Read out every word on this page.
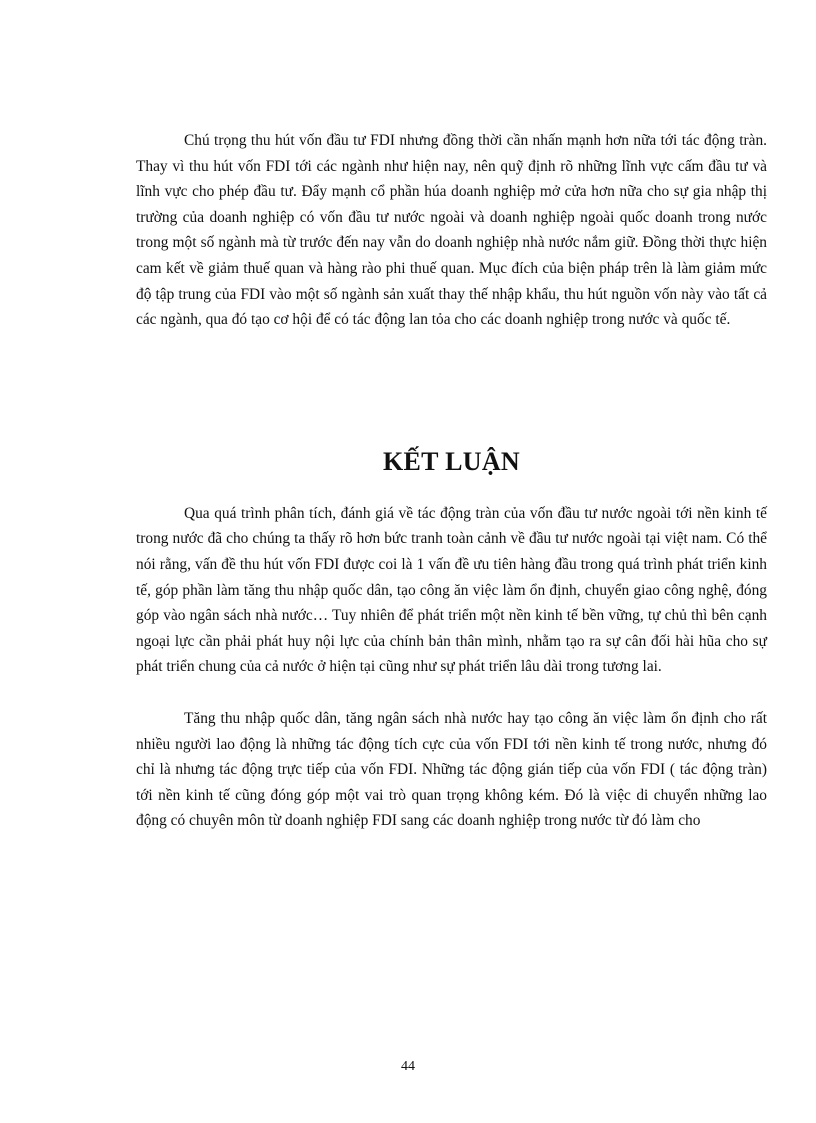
Chú trọng thu hút vốn đầu tư FDI nhưng đồng thời cần nhấn mạnh hơn nữa tới tác động tràn. Thay vì thu hút vốn FDI tới các ngành như hiện nay, nên quỹ định rõ những lĩnh vực cấm đầu tư và lĩnh vực cho phép đầu tư. Đẩy mạnh cổ phần húa doanh nghiệp mở cửa hơn nữa cho sự gia nhập thị trường của doanh nghiệp có vốn đầu tư nước ngoài và doanh nghiệp ngoài quốc doanh trong nước trong một số ngành mà từ trước đến nay vẫn do doanh nghiệp nhà nước nắm giữ. Đồng thời thực hiện cam kết về giảm thuế quan và hàng rào phi thuế quan. Mục đích của biện pháp trên là làm giảm mức độ tập trung của FDI vào một số ngành sản xuất thay thế nhập khẩu, thu hút nguồn vốn này vào tất cả các ngành, qua đó tạo cơ hội để có tác động lan tỏa cho các doanh nghiệp trong nước và quốc tế.

KẾT LUẬN

Qua quá trình phân tích, đánh giá về tác động tràn của vốn đầu tư nước ngoài tới nền kinh tế trong nước đã cho chúng ta thấy rõ hơn bức tranh toàn cảnh về đầu tư nước ngoài tại việt nam. Có thể nói rằng, vấn đề thu hút vốn FDI được coi là 1 vấn đề ưu tiên hàng đầu trong quá trình phát triển kinh tế, góp phần làm tăng thu nhập quốc dân, tạo công ăn việc làm ổn định, chuyển giao công nghệ, đóng góp vào ngân sách nhà nước… Tuy nhiên để phát triển một nền kinh tế bền vững, tự chủ thì bên cạnh ngoại lực cần phải phát huy nội lực của chính bản thân mình, nhằm tạo ra sự cân đối hài hũa cho sự phát triển chung của cả nước ở hiện tại cũng như sự phát triển lâu dài trong tương lai.

Tăng thu nhập quốc dân, tăng ngân sách nhà nước hay tạo công ăn việc làm ổn định cho rất nhiều người lao động là những tác động tích cực của vốn FDI tới nền kinh tế trong nước, nhưng đó chỉ là nhưng tác động trực tiếp của vốn FDI. Những tác động gián tiếp của vốn FDI ( tác động tràn) tới nền kinh tế cũng đóng góp một vai trò quan trọng không kém. Đó là việc di chuyển những lao động có chuyên môn từ doanh nghiệp FDI sang các doanh nghiệp trong nước từ đó làm cho

44
